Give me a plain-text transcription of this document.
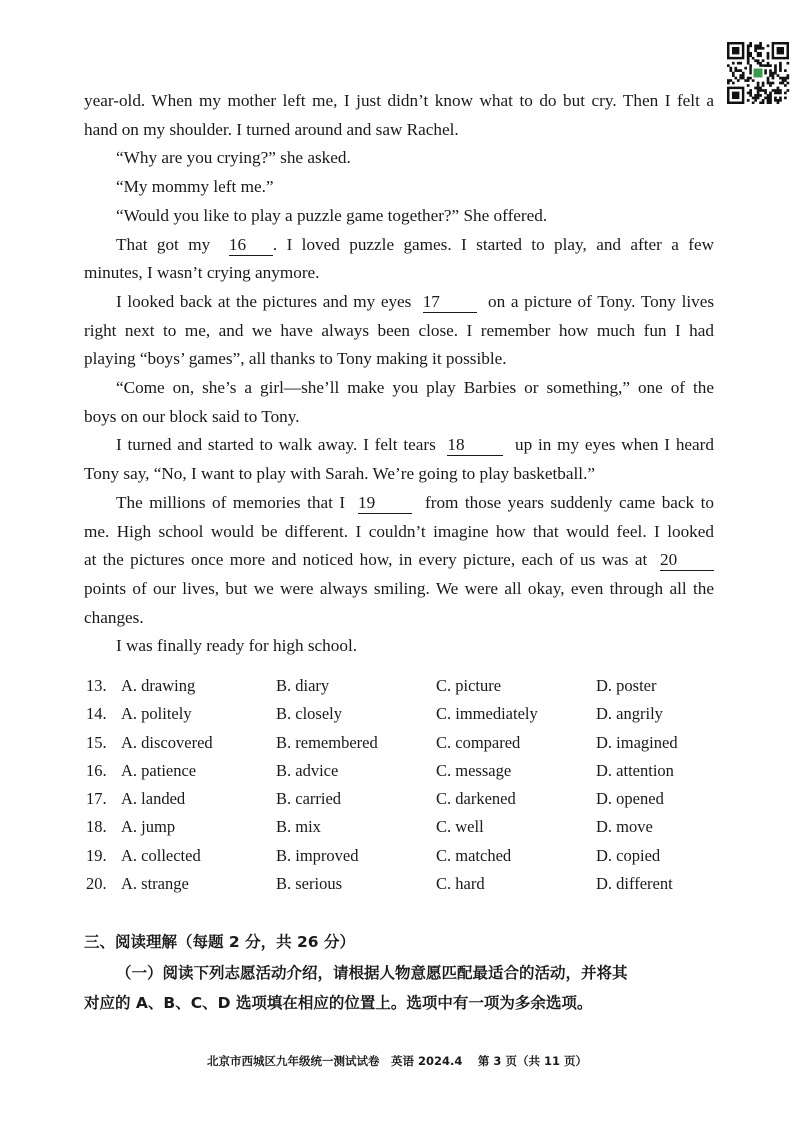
year-old. When my mother left me, I just didn’t know what to do but cry. Then I felt a

hand on my shoulder. I turned around and saw Rachel.

“Why are you crying?” she asked.

“My mommy left me.”

“Would you like to play a puzzle game together?” She offered.

That got my 16 . I loved puzzle games. I started to play, and after a few

minutes, I wasn’t crying anymore.

I looked back at the pictures and my eyes 17	on a picture of Tony. Tony lives

right next to me, and we have always been close. I remember how much fun I had

playing “boys’ games”, all thanks to Tony making it possible.

“Come on, she’s a girl—she’ll make you play Barbies or something,” one of the

boys on our block said to Tony.

I turned and started to walk away. I felt tears 18	up in my eyes when I heard

Tony say, “No, I want to play with Sarah. We’re going to play basketball.”

The millions of memories that I 19	from those years suddenly came back to

me. High school would be different. I couldn’t imagine how that would feel. I looked

at the pictures once more and noticed how, in every picture, each of us was at 20

points of our lives, but we were always smiling. We were all okay, even through all the

changes.

I was finally ready for high school.

13. A. drawing	B. diary	C. picture	D. poster
14. A. politely	B. closely	C. immediately	D. angrily
15. A. discovered	B. remembered	C. compared	D. imagined
16. A. patience	B. advice	C. message	D. attention
17. A. landed	B. carried	C. darkened	D. opened
18. A. jump	B. mix	C. well	D. move
19. A. collected	B. improved	C. matched	D. copied
20. A. strange	B. serious	C. hard	D. different
三、阅读理解（每题 2 分，共 26 分）

（一）阅读下列志愿活动介绍，请根据人物意愿匹配最适合的活动，并将其

对应的 A、B、C、D 选项填在相应的位置上。选项中有一项为多余选项。

北京市西城区九年级统一测试试卷　英语 2024.4　 第 3 页（共 11 页）
